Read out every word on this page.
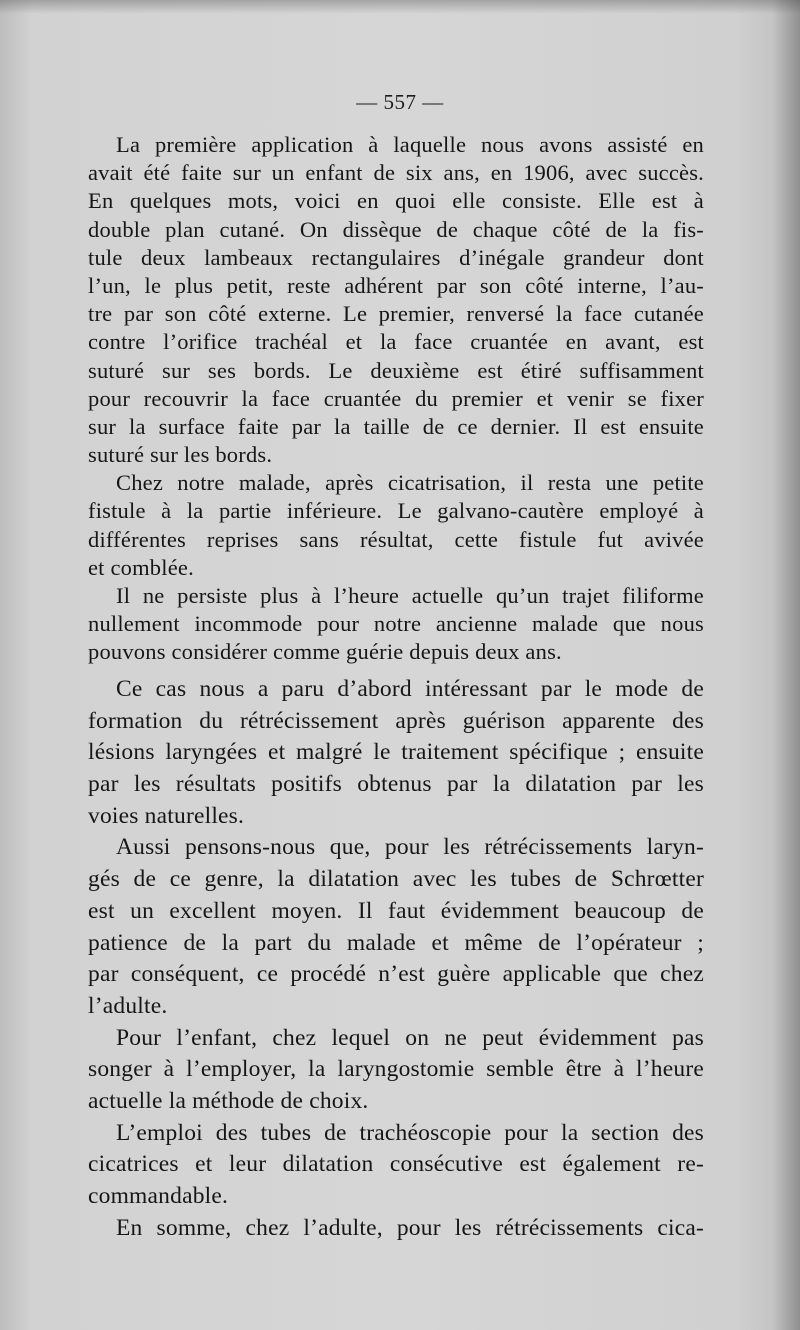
— 557 —
La première application à laquelle nous avons assisté en
avait été faite sur un enfant de six ans, en 1906, avec succès.
En quelques mots, voici en quoi elle consiste. Elle est à
double plan cutané. On dissèque de chaque côté de la fis-
tule deux lambeaux rectangulaires d’inégale grandeur dont
l’un, le plus petit, reste adhérent par son côté interne, l’au-
tre par son côté externe. Le premier, renversé la face cutanée
contre l’orifice trachéal et la face cruantée en avant, est
suturé sur ses bords. Le deuxième est étiré suffisamment
pour recouvrir la face cruantée du premier et venir se fixer
sur la surface faite par la taille de ce dernier. Il est ensuite
suturé sur les bords.
Chez notre malade, après cicatrisation, il resta une petite
fistule à la partie inférieure. Le galvano-cautère employé à
différentes reprises sans résultat, cette fistule fut avivée
et comblée.
Il ne persiste plus à l’heure actuelle qu’un trajet filiforme
nullement incommode pour notre ancienne malade que nous
pouvons considérer comme guérie depuis deux ans.
Ce cas nous a paru d’abord intéressant par le mode de
formation du rétrécissement après guérison apparente des
lésions laryngées et malgré le traitement spécifique ; ensuite
par les résultats positifs obtenus par la dilatation par les
voies naturelles.
Aussi pensons-nous que, pour les rétrécissements laryn-
gés de ce genre, la dilatation avec les tubes de Schrœtter
est un excellent moyen. Il faut évidemment beaucoup de
patience de la part du malade et même de l’opérateur ;
par conséquent, ce procédé n’est guère applicable que chez
l’adulte.
Pour l’enfant, chez lequel on ne peut évidemment pas
songer à l’employer, la laryngostomie semble être à l’heure
actuelle la méthode de choix.
L’emploi des tubes de trachéoscopie pour la section des
cicatrices et leur dilatation consécutive est également re-
commandable.
En somme, chez l’adulte, pour les rétrécissements cica-
